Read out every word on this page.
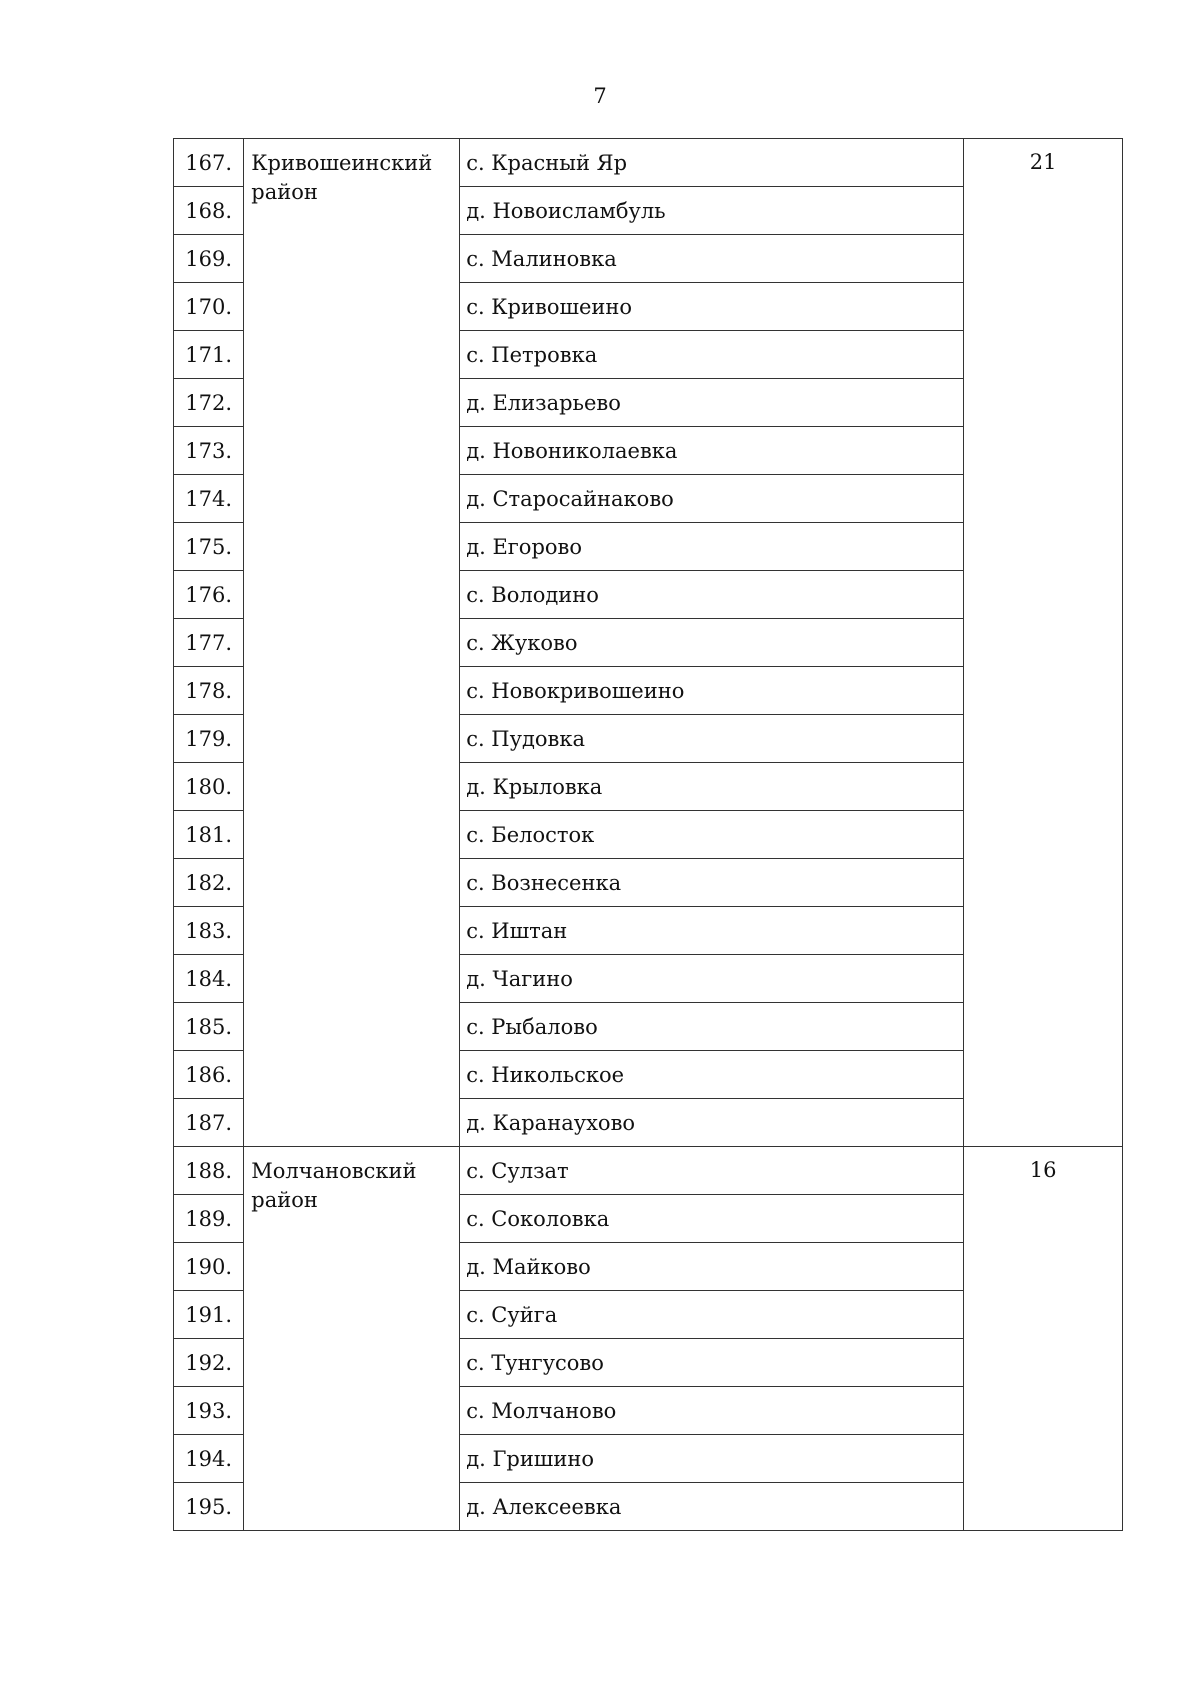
7
167.	Кривошеинский район	с. Красный Яр	21
168.		д. Новоисламбуль	
169.		с. Малиновка	
170.		с. Кривошеино	
171.		с. Петровка	
172.		д. Елизарьево	
173.		д. Новониколаевка	
174.		д. Старосайнаково	
175.		д. Егорово	
176.		с. Володино	
177.		с. Жуково	
178.		с. Новокривошеино	
179.		с. Пудовка	
180.		д. Крыловка	
181.		с. Белосток	
182.		с. Вознесенка	
183.		с. Иштан	
184.		д. Чагино	
185.		с. Рыбалово	
186.		с. Никольское	
187.		д. Каранаухово	
188.	Молчановский район	с. Сулзат	16
189.		с. Соколовка	
190.		д. Майково	
191.		с. Суйга	
192.		с. Тунгусово	
193.		с. Молчаново	
194.		д. Гришино	
195.		д. Алексеевка	
